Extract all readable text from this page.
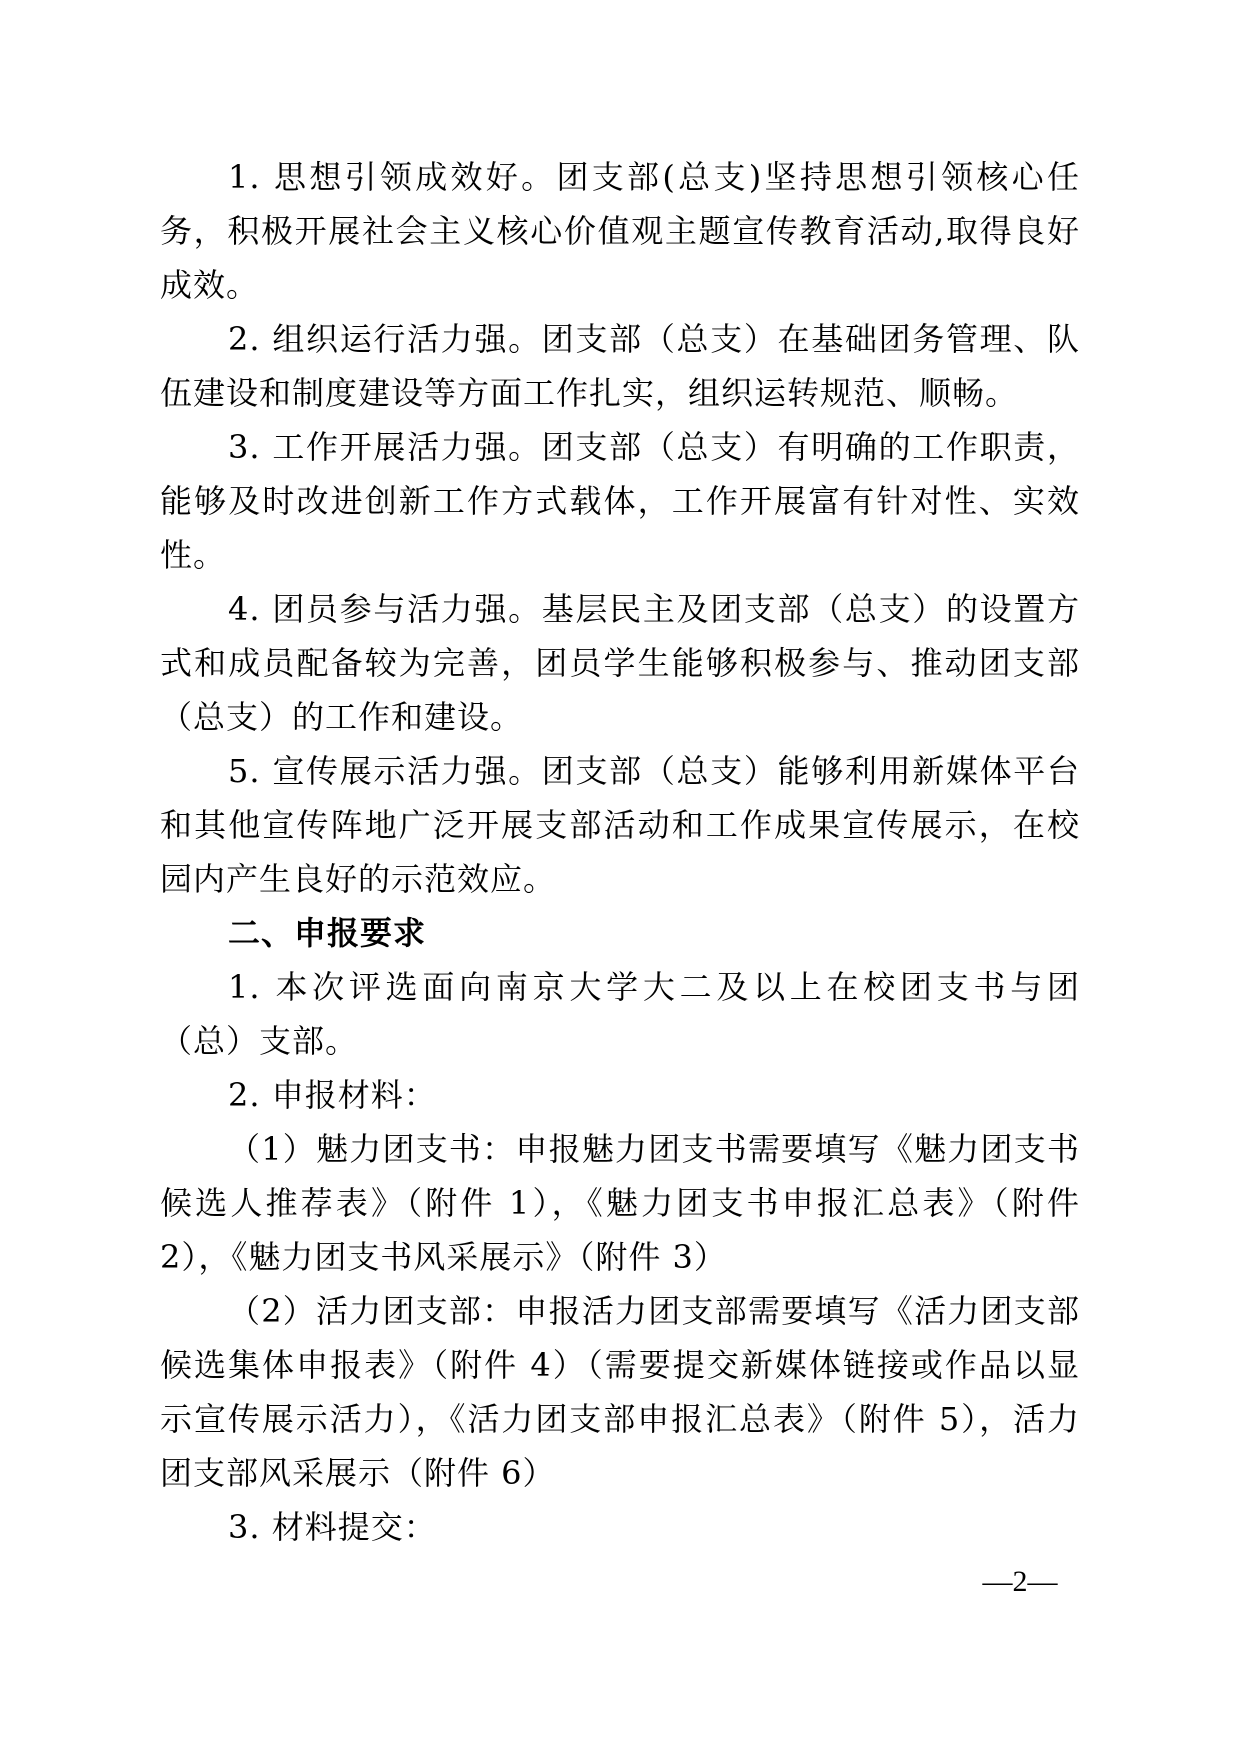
1. 思想引领成效好。团支部(总支)坚持思想引领核心任务，积极开展社会主义核心价值观主题宣传教育活动,取得良好成效。

2. 组织运行活力强。团支部（总支）在基础团务管理、队伍建设和制度建设等方面工作扎实，组织运转规范、顺畅。

3. 工作开展活力强。团支部（总支）有明确的工作职责，能够及时改进创新工作方式载体，工作开展富有针对性、实效性。

4. 团员参与活力强。基层民主及团支部（总支）的设置方式和成员配备较为完善，团员学生能够积极参与、推动团支部（总支）的工作和建设。

5. 宣传展示活力强。团支部（总支）能够利用新媒体平台和其他宣传阵地广泛开展支部活动和工作成果宣传展示，在校园内产生良好的示范效应。

二、申报要求

1. 本次评选面向南京大学大二及以上在校团支书与团（总）支部。

2. 申报材料：

（1）魅力团支书：申报魅力团支书需要填写《魅力团支书候选人推荐表》（附件 1），《魅力团支书申报汇总表》（附件 2），《魅力团支书风采展示》（附件 3）

（2）活力团支部：申报活力团支部需要填写《活力团支部候选集体申报表》（附件 4）（需要提交新媒体链接或作品以显示宣传展示活力），《活力团支部申报汇总表》（附件 5），活力团支部风采展示（附件 6）

3. 材料提交：

—2—
